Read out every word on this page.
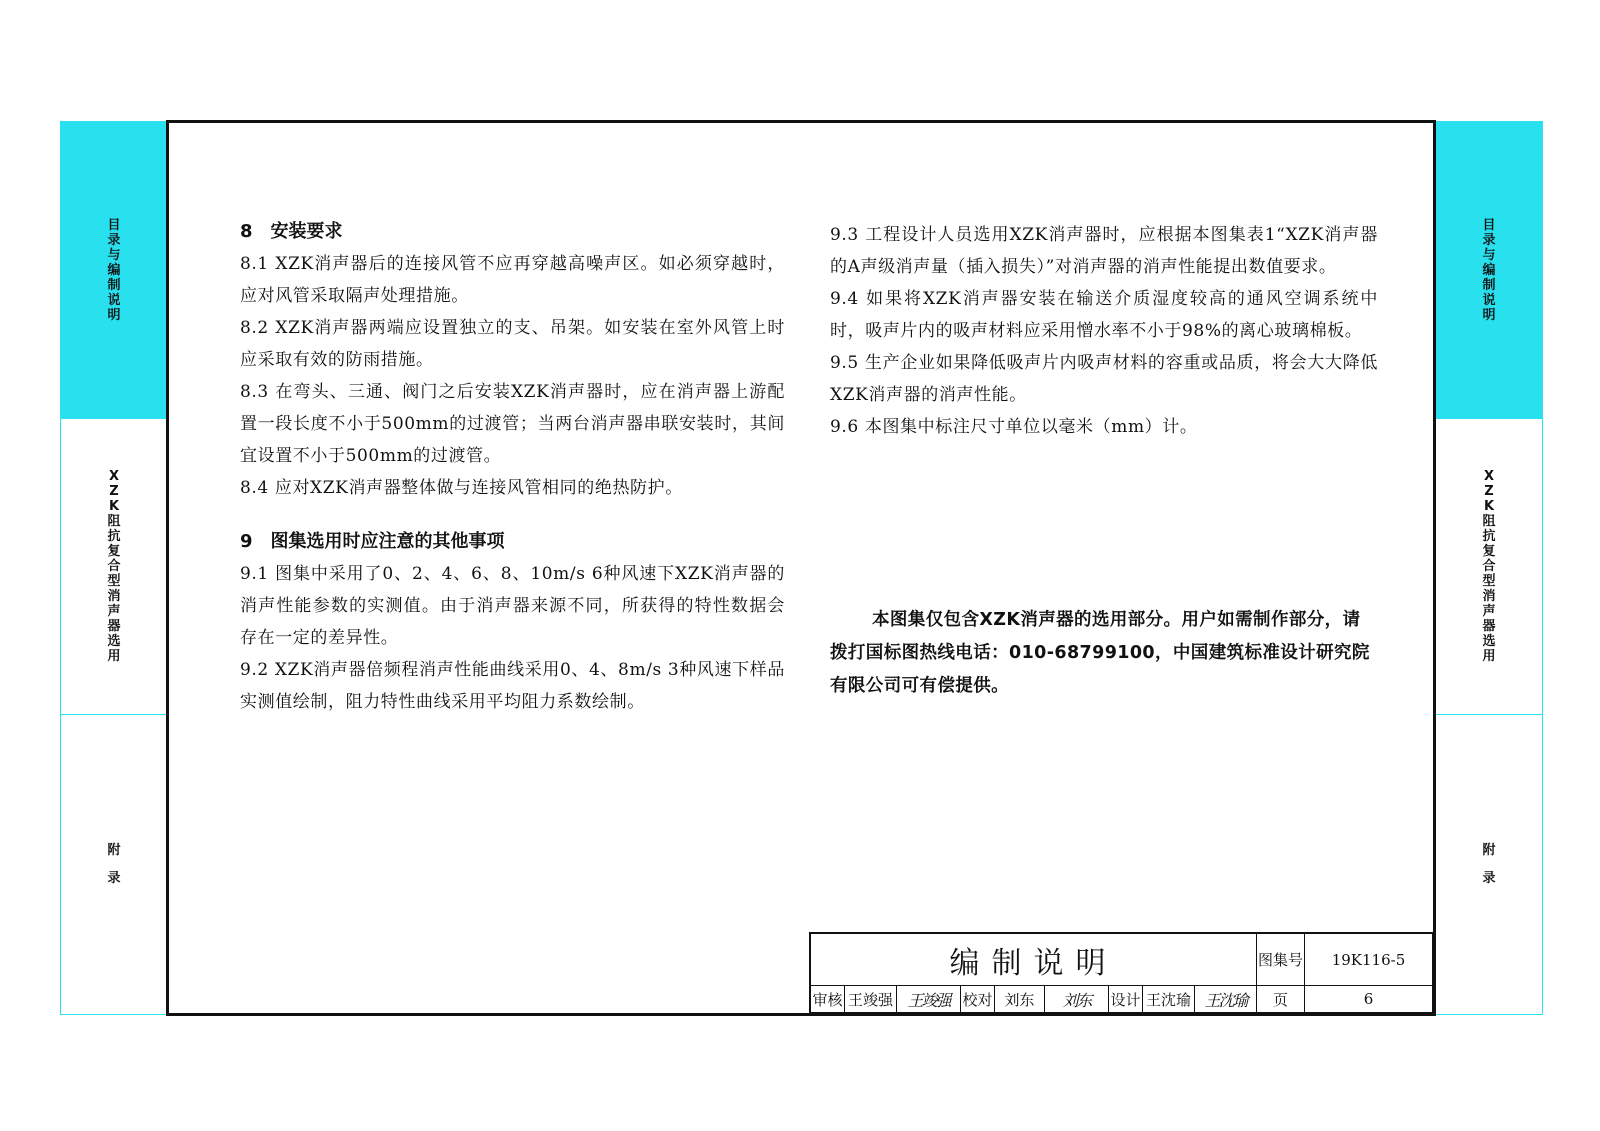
目录与编制说明
XZK阻抗复合型消声器选用
附录
目录与编制说明
XZK阻抗复合型消声器选用
附录

8　安装要求

8.1 XZK消声器后的连接风管不应再穿越高噪声区。如必须穿越时，应对风管采取隔声处理措施。

8.2 XZK消声器两端应设置独立的支、吊架。如安装在室外风管上时应采取有效的防雨措施。

8.3 在弯头、三通、阀门之后安装XZK消声器时，应在消声器上游配置一段长度不小于500mm的过渡管；当两台消声器串联安装时，其间宜设置不小于500mm的过渡管。

8.4 应对XZK消声器整体做与连接风管相同的绝热防护。

9　图集选用时应注意的其他事项

9.1 图集中采用了0、2、4、6、8、10m/s 6种风速下XZK消声器的消声性能参数的实测值。由于消声器来源不同，所获得的特性数据会存在一定的差异性。

9.2 XZK消声器倍频程消声性能曲线采用0、4、8m/s 3种风速下样品实测值绘制，阻力特性曲线采用平均阻力系数绘制。

9.3 工程设计人员选用XZK消声器时，应根据本图集表1“XZK消声器的A声级消声量（插入损失）”对消声器的消声性能提出数值要求。

9.4 如果将XZK消声器安装在输送介质湿度较高的通风空调系统中时，吸声片内的吸声材料应采用憎水率不小于98%的离心玻璃棉板。

9.5 生产企业如果降低吸声片内吸声材料的容重或品质，将会大大降低XZK消声器的消声性能。

9.6 本图集中标注尺寸单位以毫米（mm）计。

本图集仅包含XZK消声器的选用部分。用户如需制作部分，请拨打国标图热线电话：010-68799100，中国建筑标准设计研究院有限公司可有偿提供。

编制说明	图集号	19K116-5
审核 王竣强 王竣强 校对 刘东	刘东	设计 王沈瑜 王沈瑜	页	6
